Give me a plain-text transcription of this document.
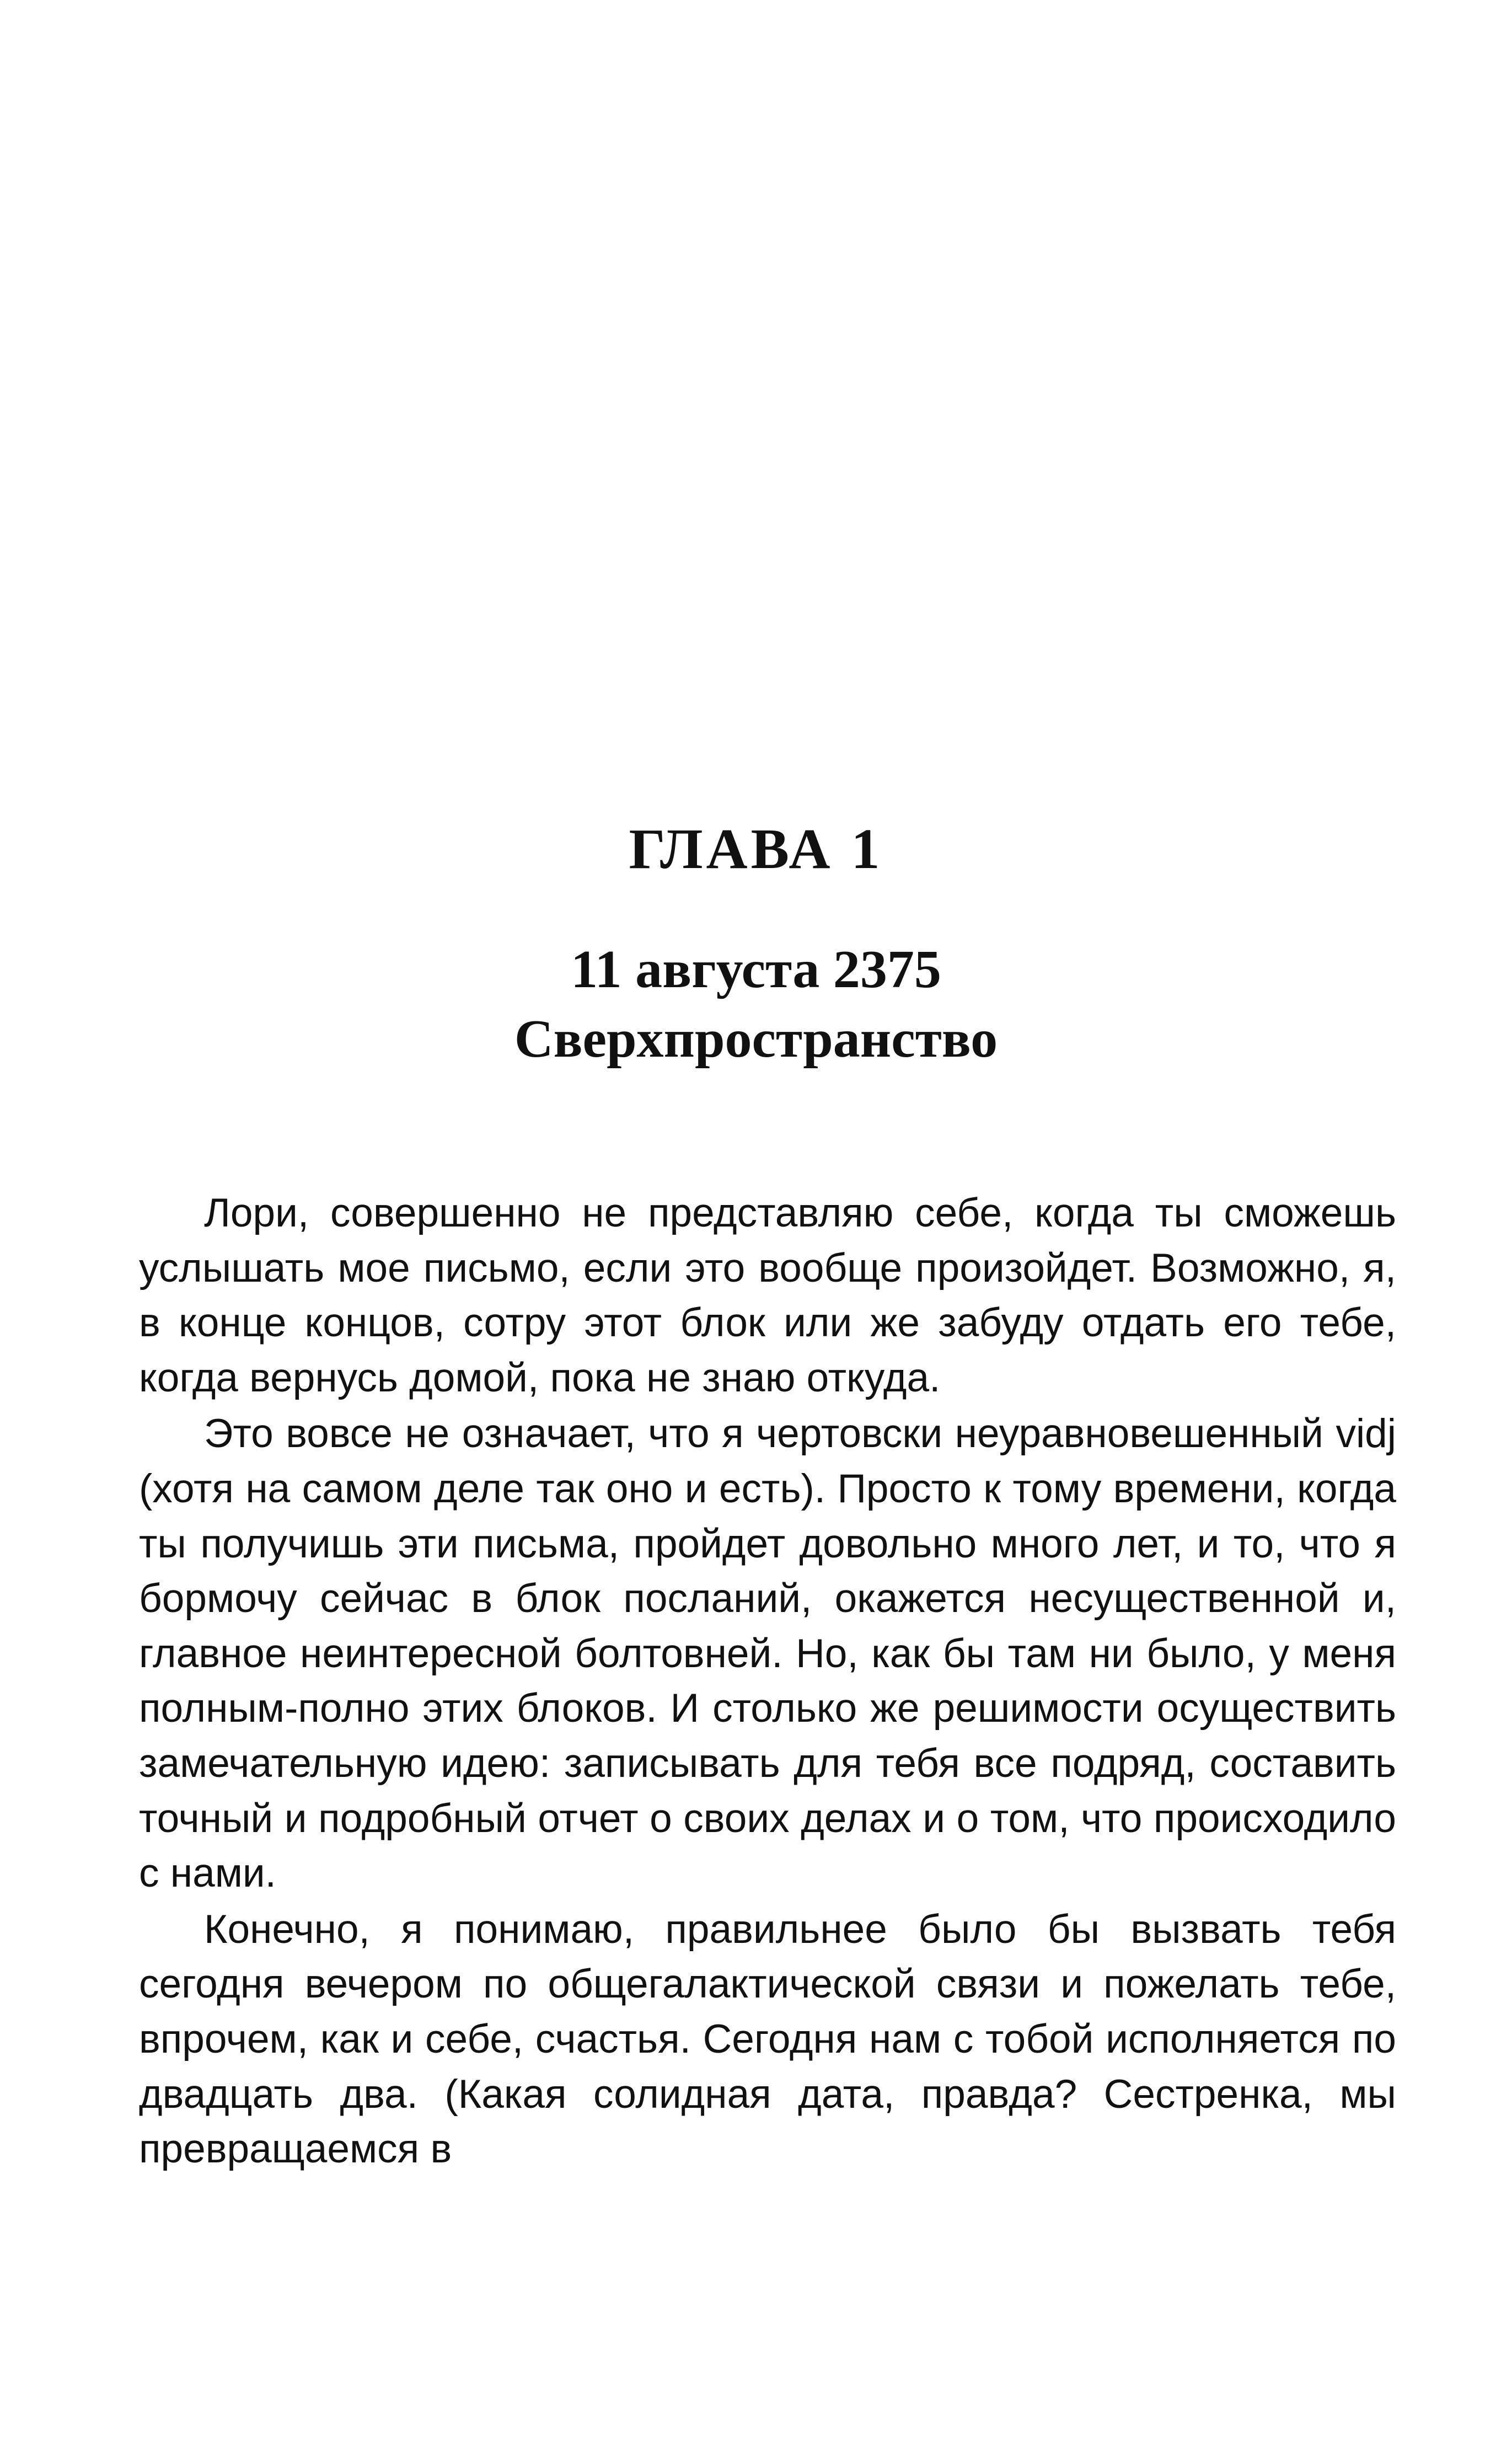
ГЛАВА 1
11 августа 2375
Сверхпространство

Лори, совершенно не представляю себе, когда ты сможешь услышать мое письмо, если это вообще произойдет. Возможно, я, в конце концов, сотру этот блок или же забуду отдать его тебе, когда вернусь домой, пока не знаю откуда.

Это вовсе не означает, что я чертовски неуравновешенный vidj (хотя на самом деле так оно и есть). Просто к тому времени, когда ты получишь эти письма, пройдет довольно много лет, и то, что я бормочу сейчас в блок посланий, окажется несущественной и, главное неинтересной болтовней. Но, как бы там ни было, у меня полным-полно этих блоков. И столько же решимости осуществить замечательную идею: записывать для тебя все подряд, составить точный и подробный отчет о своих делах и о том, что происходило с нами.

Конечно, я понимаю, правильнее было бы вызвать тебя сегодня вечером по общегалактической связи и пожелать тебе, впрочем, как и себе, счастья. Сегодня нам с тобой исполняется по двадцать два. (Какая солидная дата, правда? Сестренка, мы превращаемся в
